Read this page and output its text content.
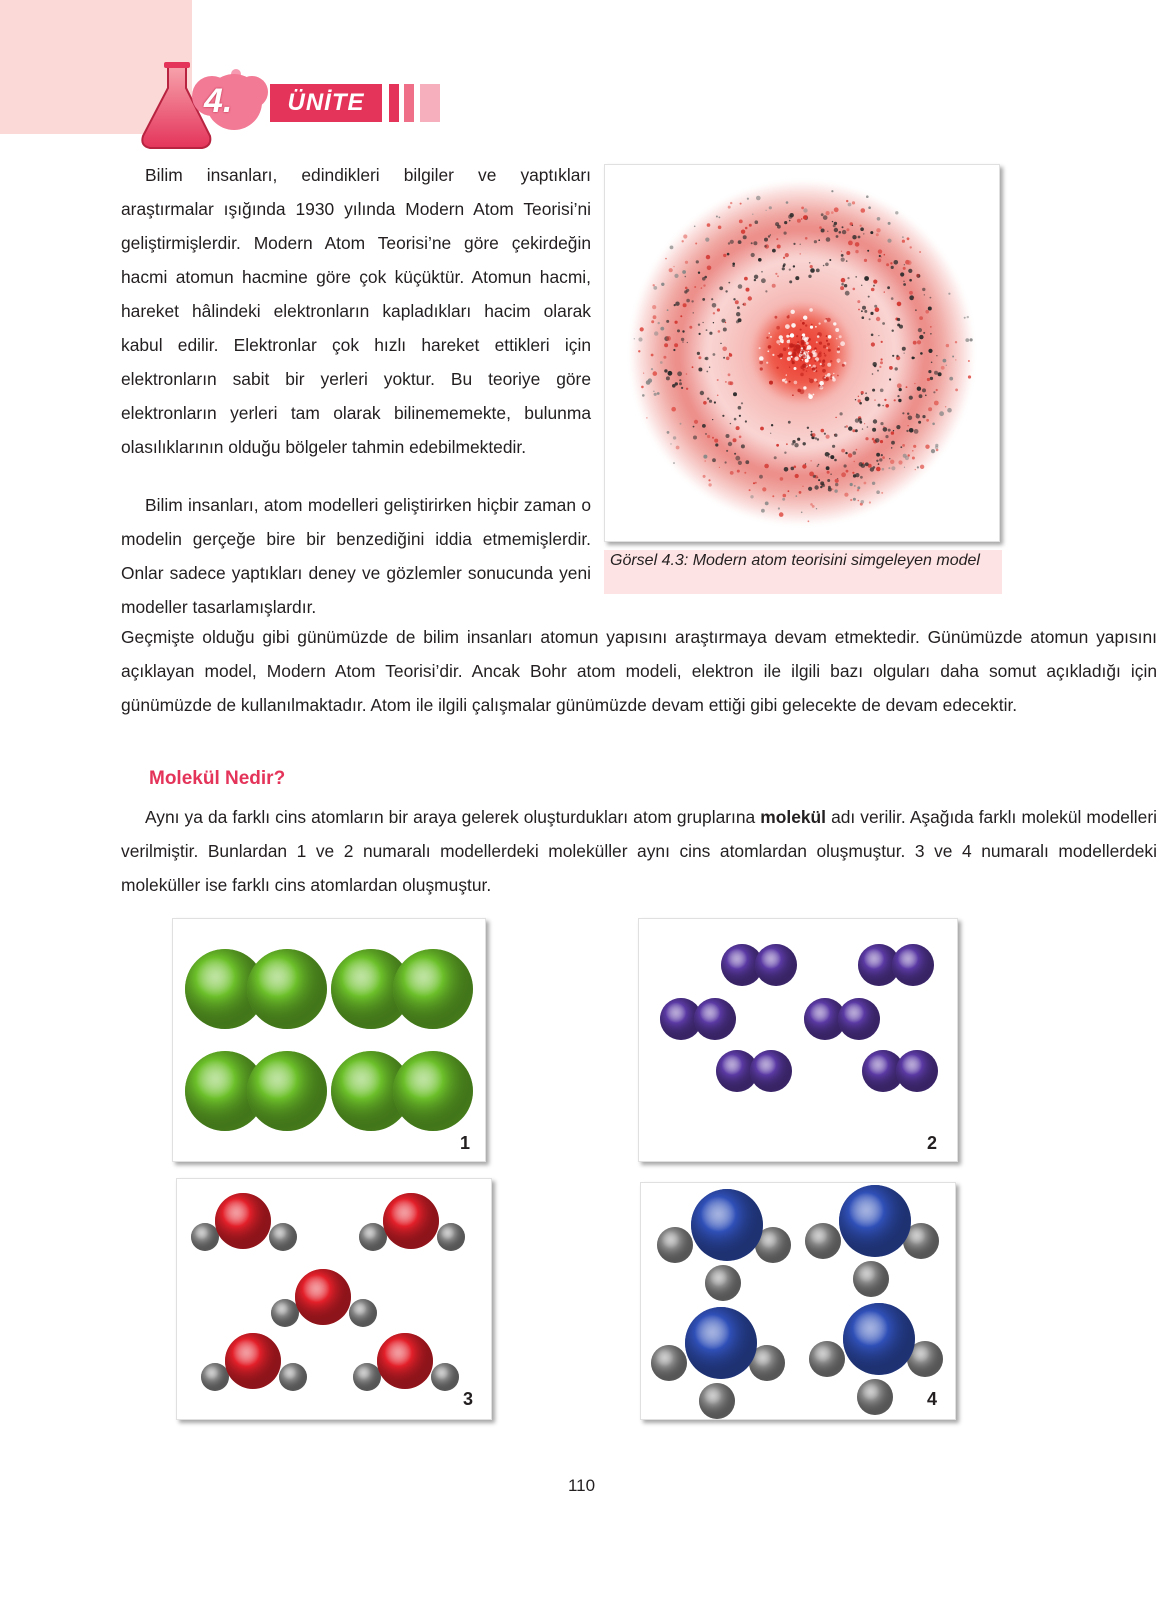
4.	ÜNİTE

Bilim insanları, edindikleri bilgiler ve yaptıkları araştırmalar ışığında 1930 yılında Modern Atom Teorisi’ni geliştirmişlerdir. Modern Atom Teorisi’ne göre çekirdeğin hacmi atomun hacmine göre çok küçüktür. Atomun hacmi, hareket hâlindeki elektronların kapladıkları hacim olarak kabul edilir. Elektronlar çok hızlı hareket ettikleri için elektronların sabit bir yerleri yoktur. Bu teoriye göre elektronların yerleri tam olarak bilinememekte, bulunma olasılıklarının olduğu bölgeler tahmin edebilmektedir.

Bilim insanları, atom modelleri geliştirirken hiçbir zaman o modelin gerçeğe bire bir benzediğini iddia etmemişlerdir. Onlar sadece yaptıkları deney ve gözlemler sonucunda yeni modeller tasarlamışlardır.

Geçmişte olduğu gibi günümüzde de bilim insanları atomun yapısını araştırmaya devam etmektedir. Günümüzde atomun yapısını açıklayan model, Modern Atom Teorisi’dir. Ancak Bohr atom modeli, elektron ile ilgili bazı olguları daha somut açıkladığı için günümüzde de kullanılmaktadır. Atom ile ilgili çalışmalar günümüzde devam ettiği gibi gelecekte de devam edecektir.

Görsel 4.3: Modern atom teorisini simgeleyen model
Molekül Nedir?

Aynı ya da farklı cins atomların bir araya gelerek oluşturdukları atom gruplarına molekül adı verilir. Aşağıda farklı molekül modelleri verilmiştir. Bunlardan 1 ve 2 numaralı modellerdeki moleküller aynı cins atomlardan oluşmuştur. 3 ve 4 numaralı modellerdeki moleküller ise farklı cins atomlardan oluşmuştur.

1	2
3	4
110
